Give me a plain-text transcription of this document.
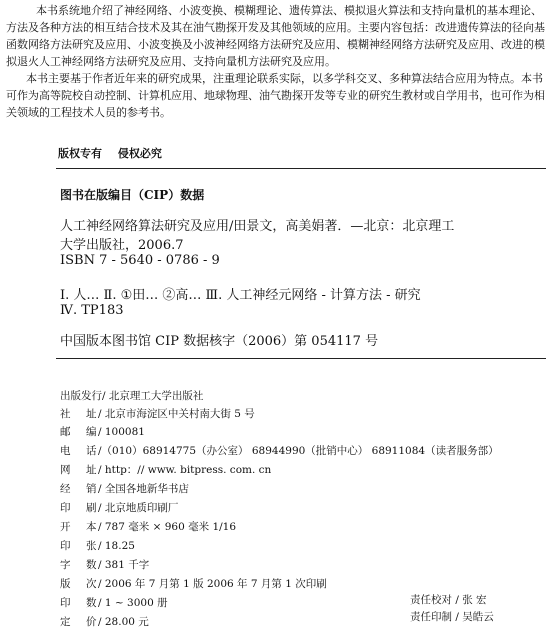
本书系统地介绍了神经网络、小波变换、模糊理论、遗传算法、模拟退火算法和支持向量机的基本理论、方法及各种方法的相互结合技术及其在油气勘探开发及其他领域的应用。主要内容包括：改进遗传算法的径向基函数网络方法研究及应用、小波变换及小波神经网络方法研究及应用、模糊神经网络方法研究及应用、改进的模拟退火人工神经网络方法研究及应用、支持向量机方法研究及应用。

本书主要基于作者近年来的研究成果，注重理论联系实际，以多学科交叉、多种算法结合应用为特点。本书可作为高等院校自动控制、计算机应用、地球物理、油气勘探开发等专业的研究生教材或自学用书，也可作为相关领域的工程技术人员的参考书。

版权专有 侵权必究
图书在版编目（CIP）数据
人工神经网络算法研究及应用/田景文，高美娟著．—北京：北京理工
大学出版社，2006.7
ISBN 7 - 5640 - 0786 - 9
Ⅰ. 人… Ⅱ. ①田… ②高… Ⅲ. 人工神经元网络 - 计算方法 - 研究
Ⅳ. TP183
中国版本图书馆 CIP 数据核字（2006）第 054117 号
出版发行/ 北京理工大学出版社
社 址 / 北京市海淀区中关村南大街 5 号
邮 编 / 100081
电 话 /（010）68914775（办公室） 68944990（批销中心） 68911084（读者服务部）
网 址 / http：// www. bitpress. com. cn
经 销 / 全国各地新华书店
印 刷 / 北京地质印刷厂
开 本 / 787 毫米 × 960 毫米 1/16
印 张 / 18.25
字 数 / 381 千字
版 次 / 2006 年 7 月第 1 版 2006 年 7 月第 1 次印刷
印 数 / 1 ~ 3000 册
定 价 / 28.00 元
责任校对 / 张 宏
责任印制 / 吴皓云
